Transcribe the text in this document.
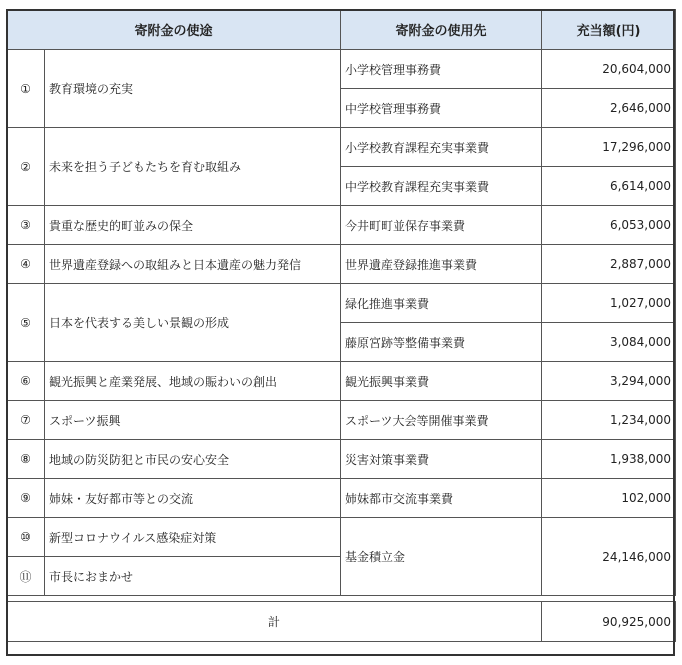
寄附金の使途		寄附金の使用先	充当額(円)
①	教育環境の充実	小学校管理事務費	20,604,000
		中学校管理事務費	2,646,000
②	未来を担う子どもたちを育む取組み	小学校教育課程充実事業費	17,296,000
		中学校教育課程充実事業費	6,614,000
③	貴重な歴史的町並みの保全	今井町町並保存事業費	6,053,000
④	世界遺産登録への取組みと日本遺産の魅力発信	世界遺産登録推進事業費	2,887,000
⑤	日本を代表する美しい景観の形成	緑化推進事業費	1,027,000
		藤原宮跡等整備事業費	3,084,000
⑥	観光振興と産業発展、地域の賑わいの創出	観光振興事業費	3,294,000
⑦	スポーツ振興	スポーツ大会等開催事業費	1,234,000
⑧	地域の防災防犯と市民の安心安全	災害対策事業費	1,938,000
⑨	姉妹・友好都市等との交流	姉妹都市交流事業費	102,000
⑩	新型コロナウイルス感染症対策	基金積立金	24,146,000
⑪	市長におまかせ		

計			90,925,000
